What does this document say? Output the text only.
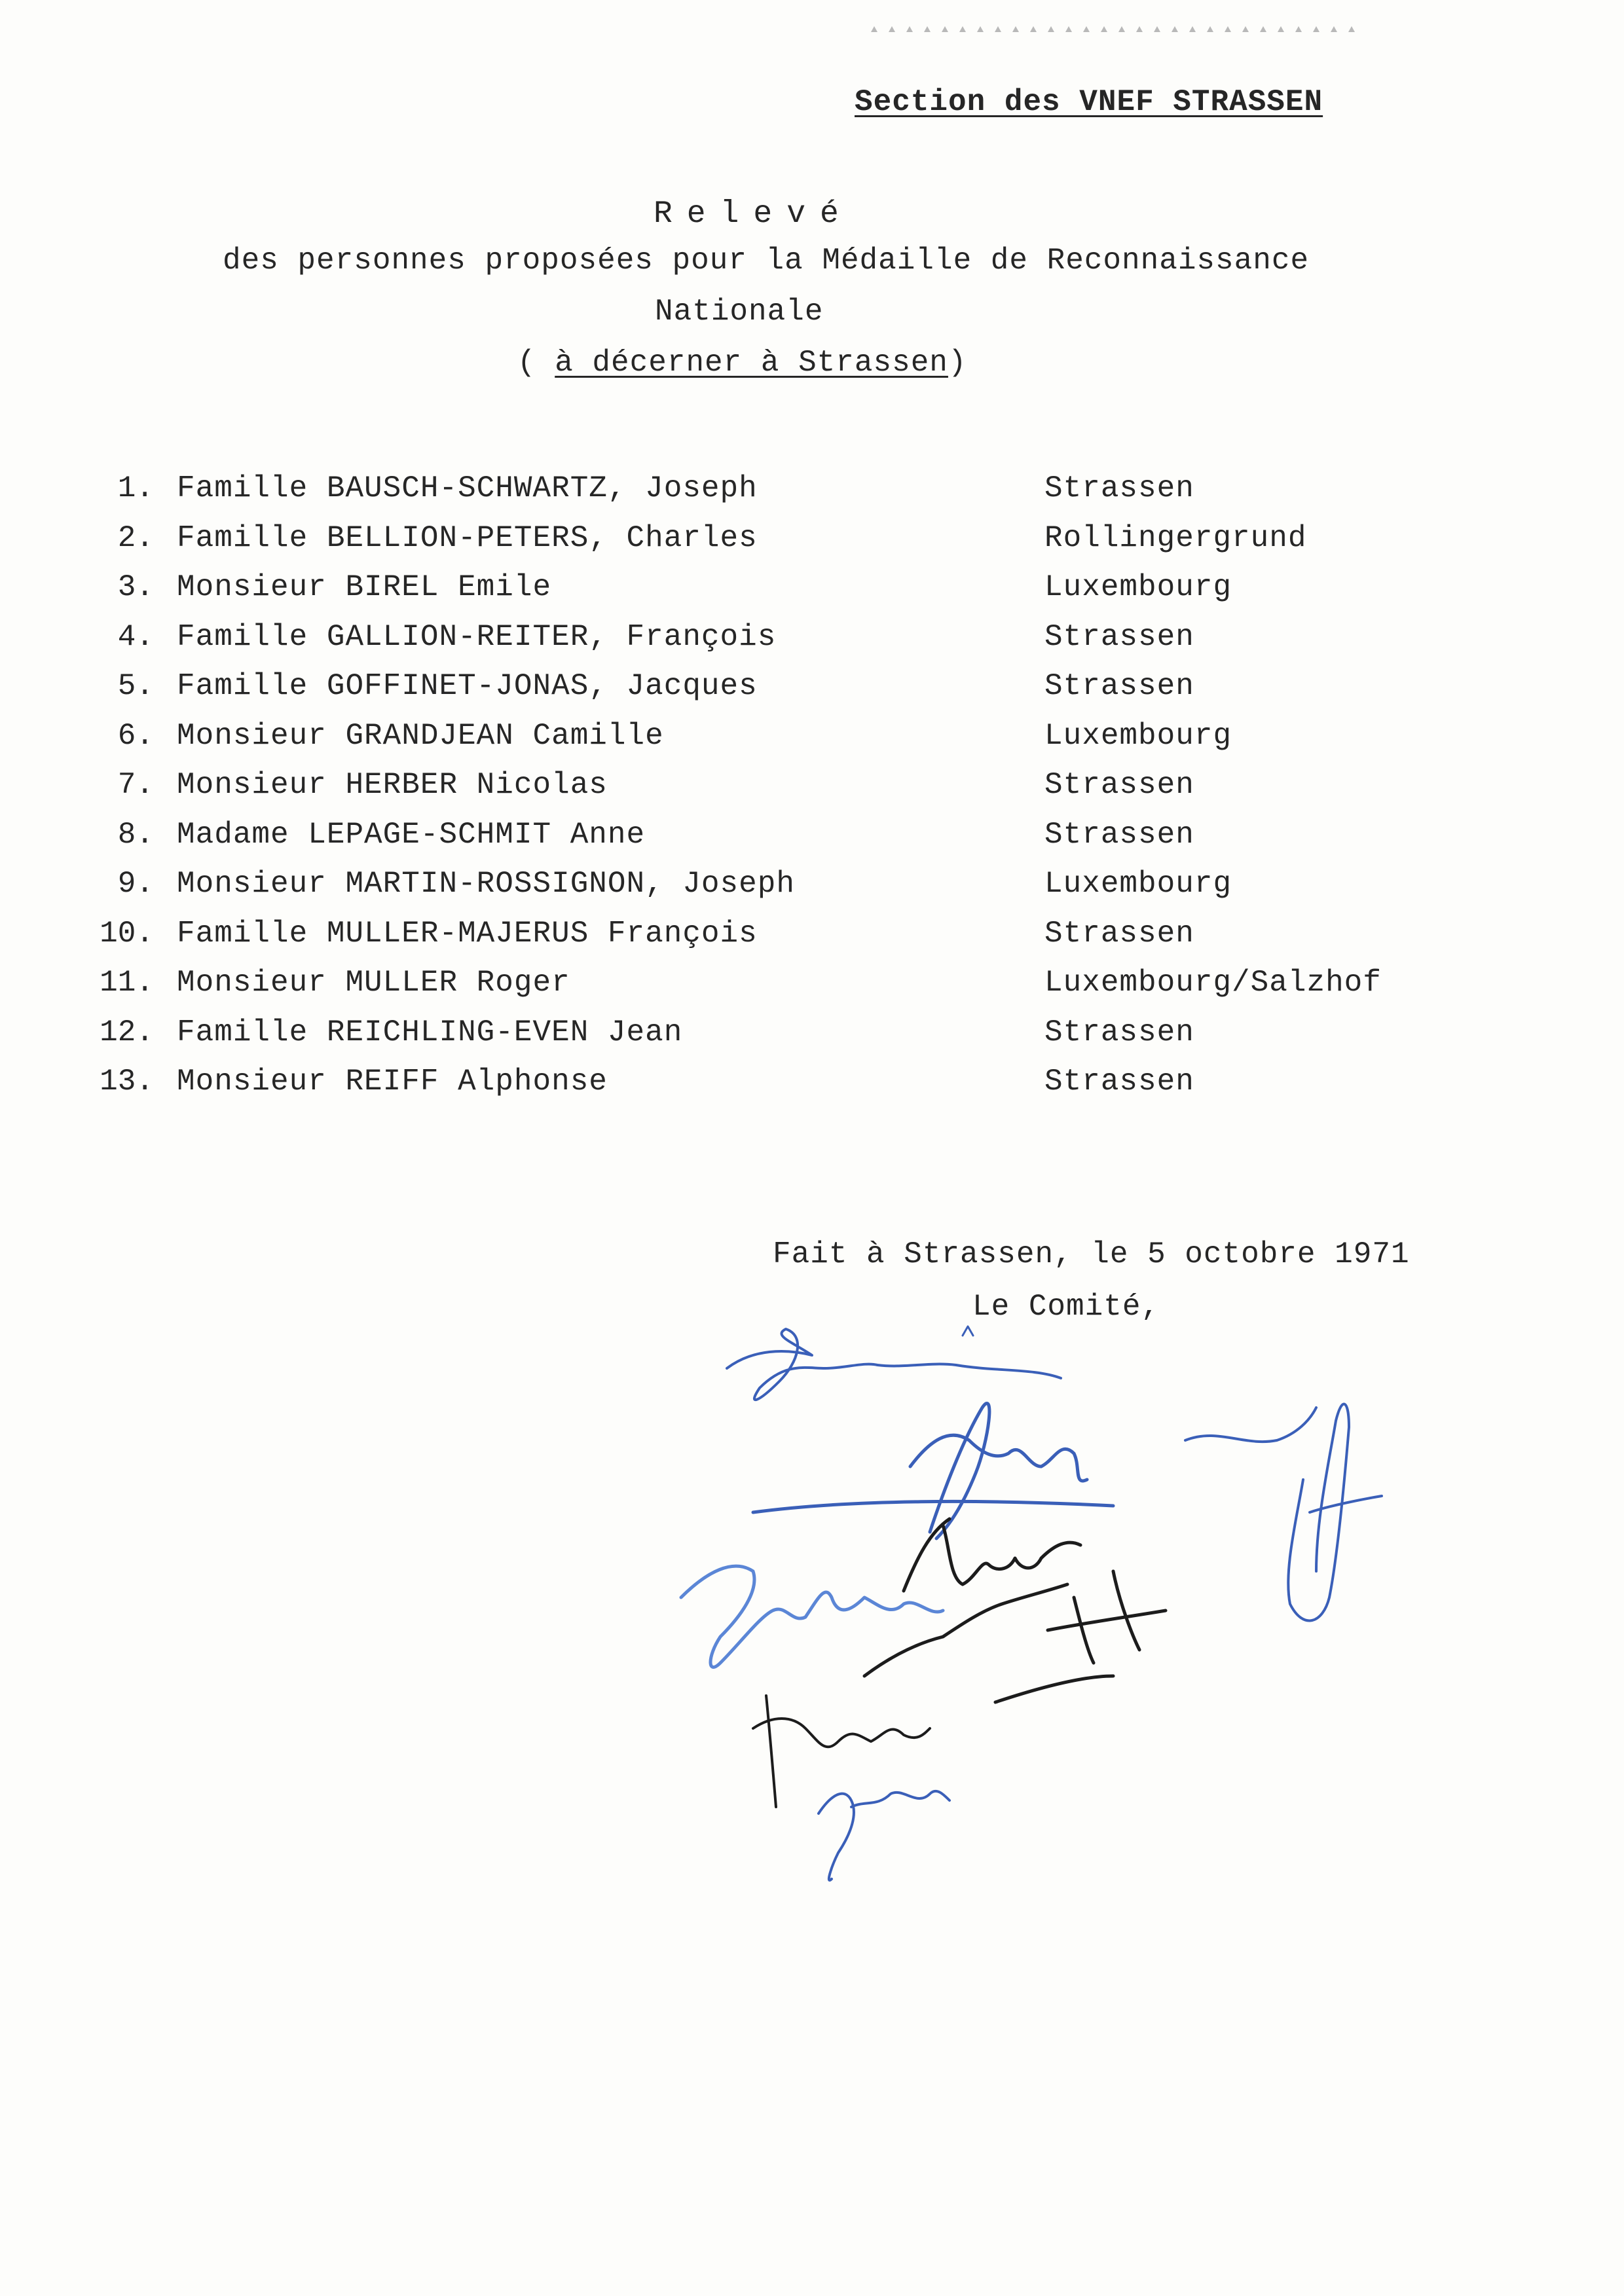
Section des VNEF STRASSEN
Relevé
des personnes proposées pour la Médaille de Reconnaissance
Nationale
( à décerner à Strassen)
1. Famille BAUSCH-SCHWARTZ, Joseph	Strassen
2. Famille BELLION-PETERS, Charles	Rollingergrund
3. Monsieur BIREL Emile	Luxembourg
4. Famille GALLION-REITER, François	Strassen
5. Famille GOFFINET-JONAS, Jacques	Strassen
6. Monsieur GRANDJEAN Camille	Luxembourg
7. Monsieur HERBER Nicolas	Strassen
8. Madame LEPAGE-SCHMIT Anne	Strassen
9. Monsieur MARTIN-ROSSIGNON, Joseph	Luxembourg
10. Famille MULLER-MAJERUS François	Strassen
11. Monsieur MULLER Roger	Luxembourg/Salzhof
12. Famille REICHLING-EVEN Jean	Strassen
13. Monsieur REIFF Alphonse	Strassen
Fait à Strassen, le 5 octobre 1971
Le Comité,
